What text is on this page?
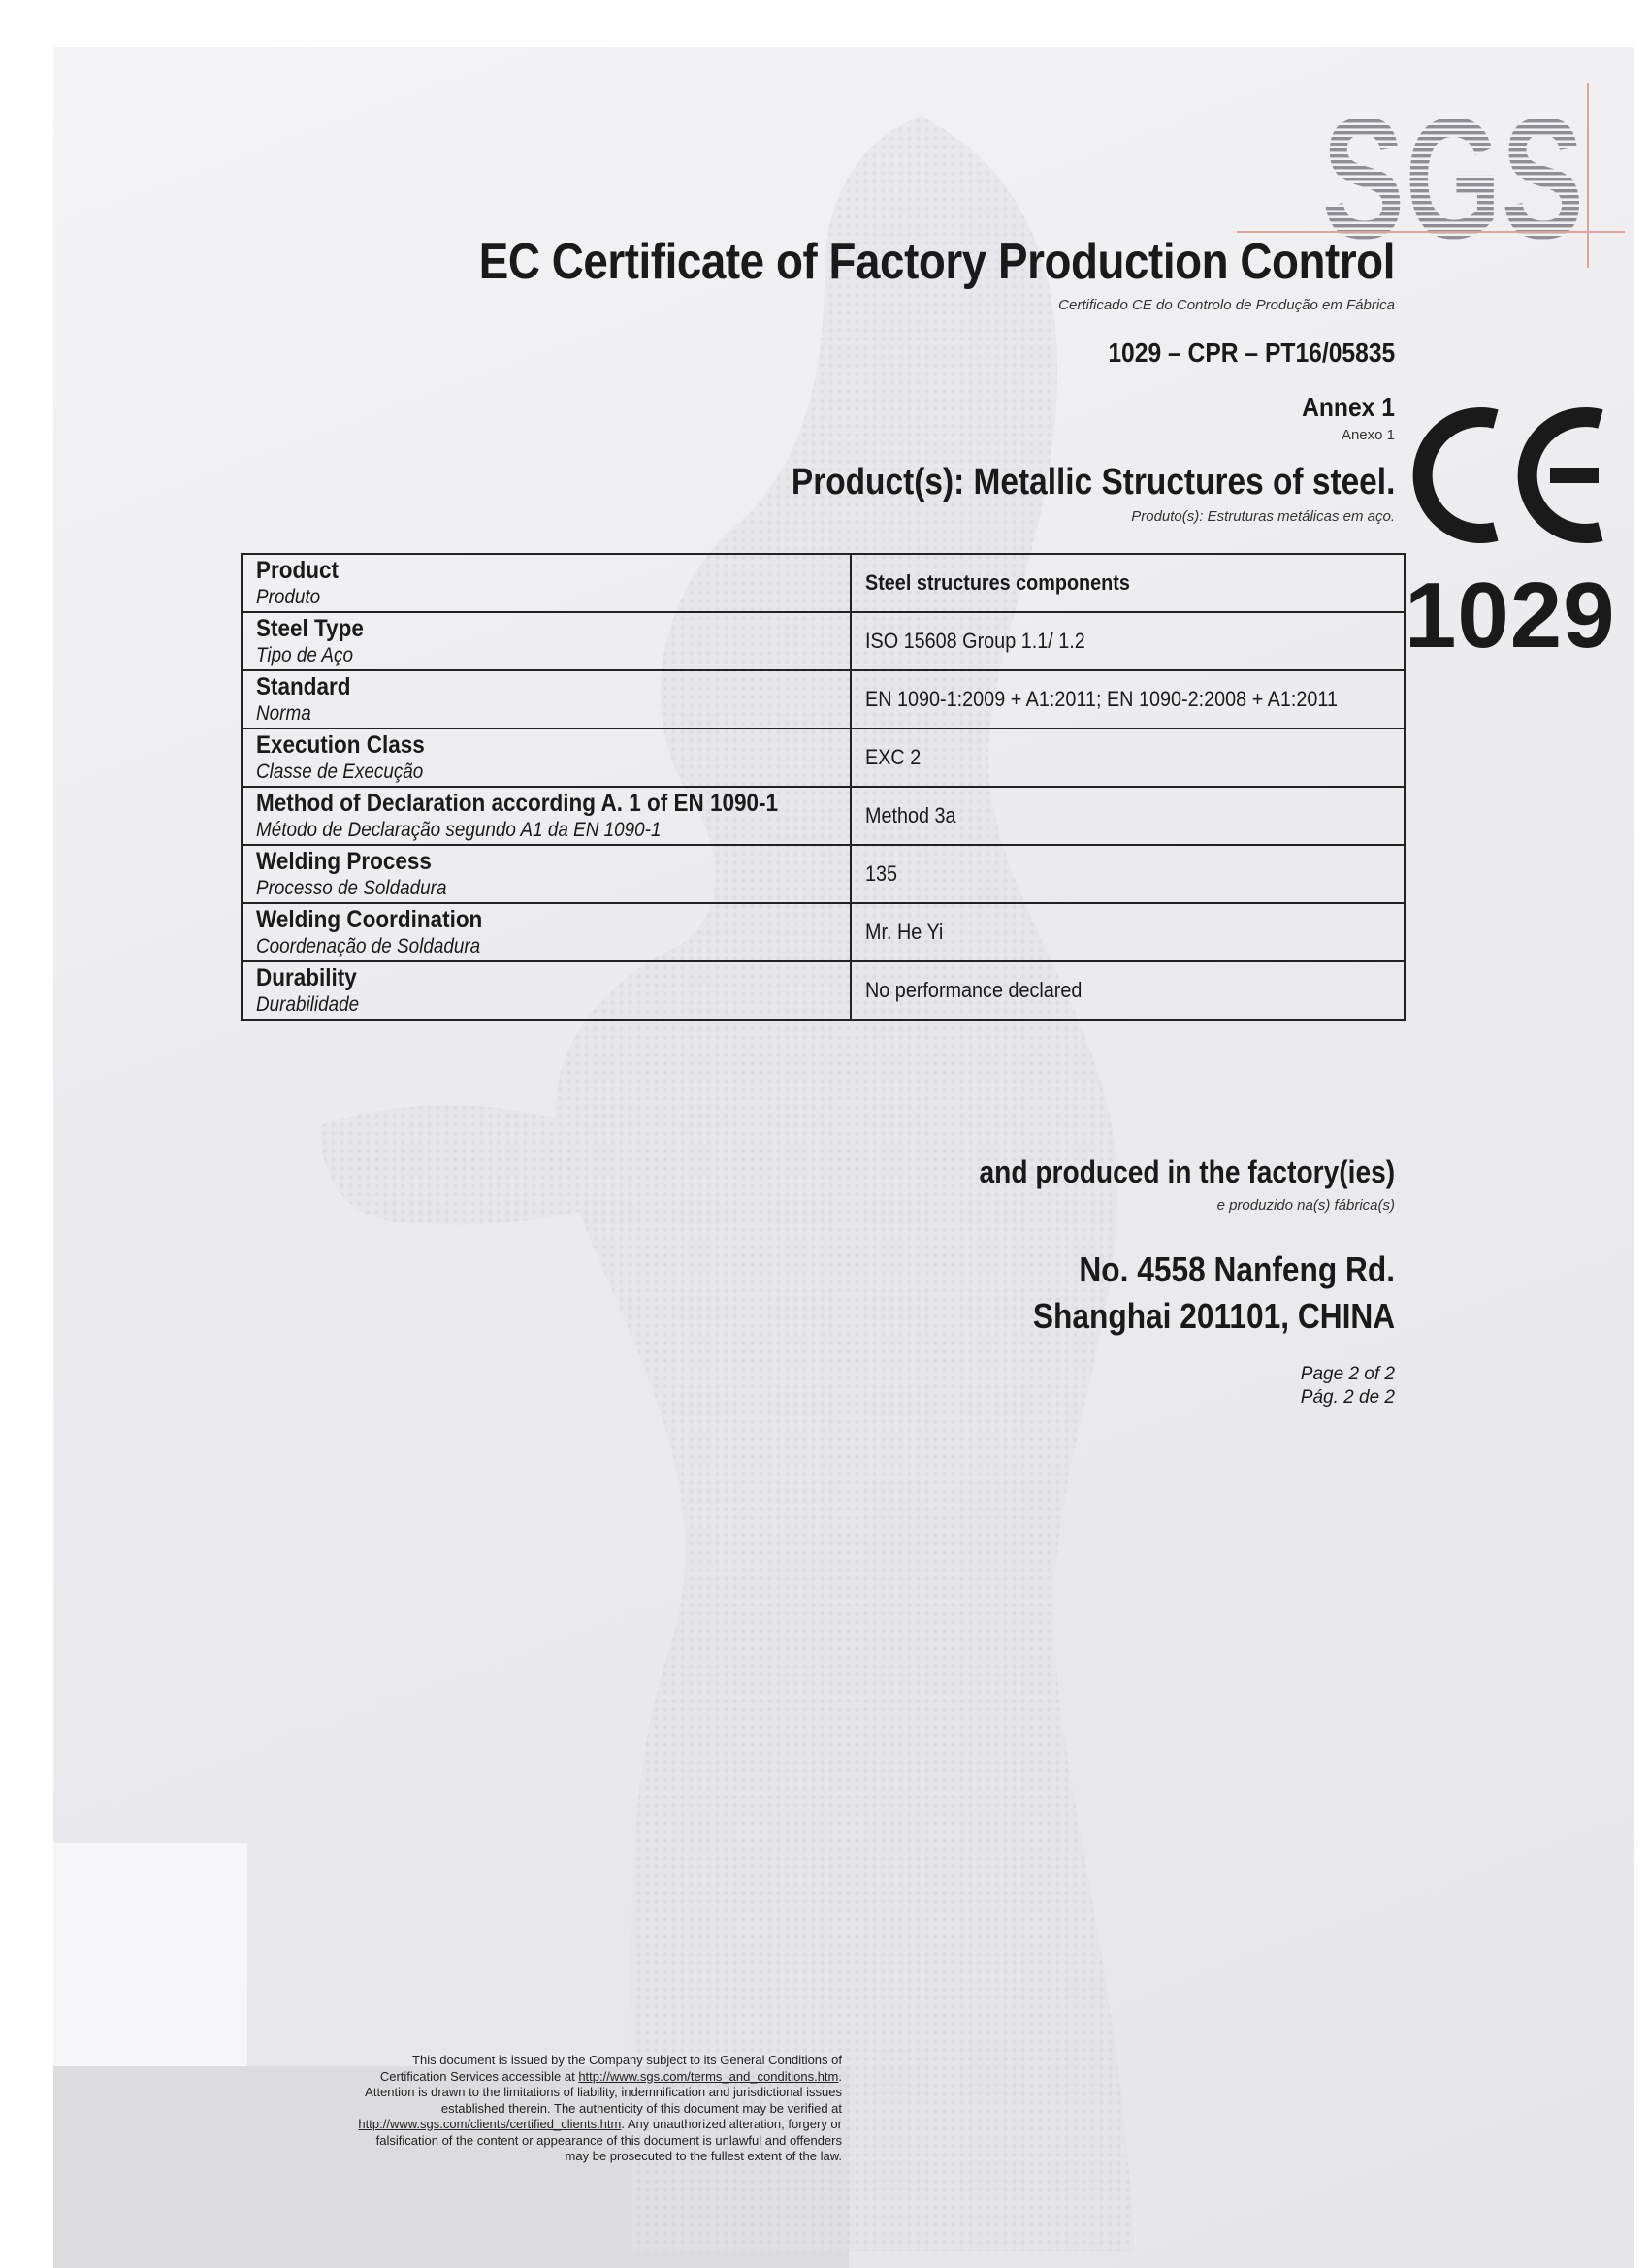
SGS
EC Certificate of Factory Production Control
Certificado CE do Controlo de Produção em Fábrica
1029 – CPR – PT16/05835
Annex 1
Anexo 1
Product(s): Metallic Structures of steel.
Produto(s): Estruturas metálicas em aço.
CE
1029
Product
Produto	Steel structures components

Steel Type
Tipo de Aço	ISO 15608 Group 1.1/ 1.2

Standard
Norma	EN 1090-1:2009 + A1:2011; EN 1090-2:2008 + A1:2011

Execution Class
Classe de Execução	EXC 2

Method of Declaration according A. 1 of EN 1090-1
Método de Declaração segundo A1 da EN 1090-1	Method 3a

Welding Process
Processo de Soldadura	135

Welding Coordination
Coordenação de Soldadura	Mr. He Yi

Durability
Durabilidade	No performance declared
and produced in the factory(ies)
e produzido na(s) fábrica(s)
No. 4558 Nanfeng Rd.
Shanghai 201101, CHINA
Page 2 of 2
Pág. 2 de 2
This document is issued by the Company subject to its General Conditions of Certification Services accessible at http://www.sgs.com/terms_and_conditions.htm. Attention is drawn to the limitations of liability, indemnification and jurisdictional issues established therein. The authenticity of this document may be verified at http://www.sgs.com/clients/certified_clients.htm. Any unauthorized alteration, forgery or falsification of the content or appearance of this document is unlawful and offenders may be prosecuted to the fullest extent of the law.
